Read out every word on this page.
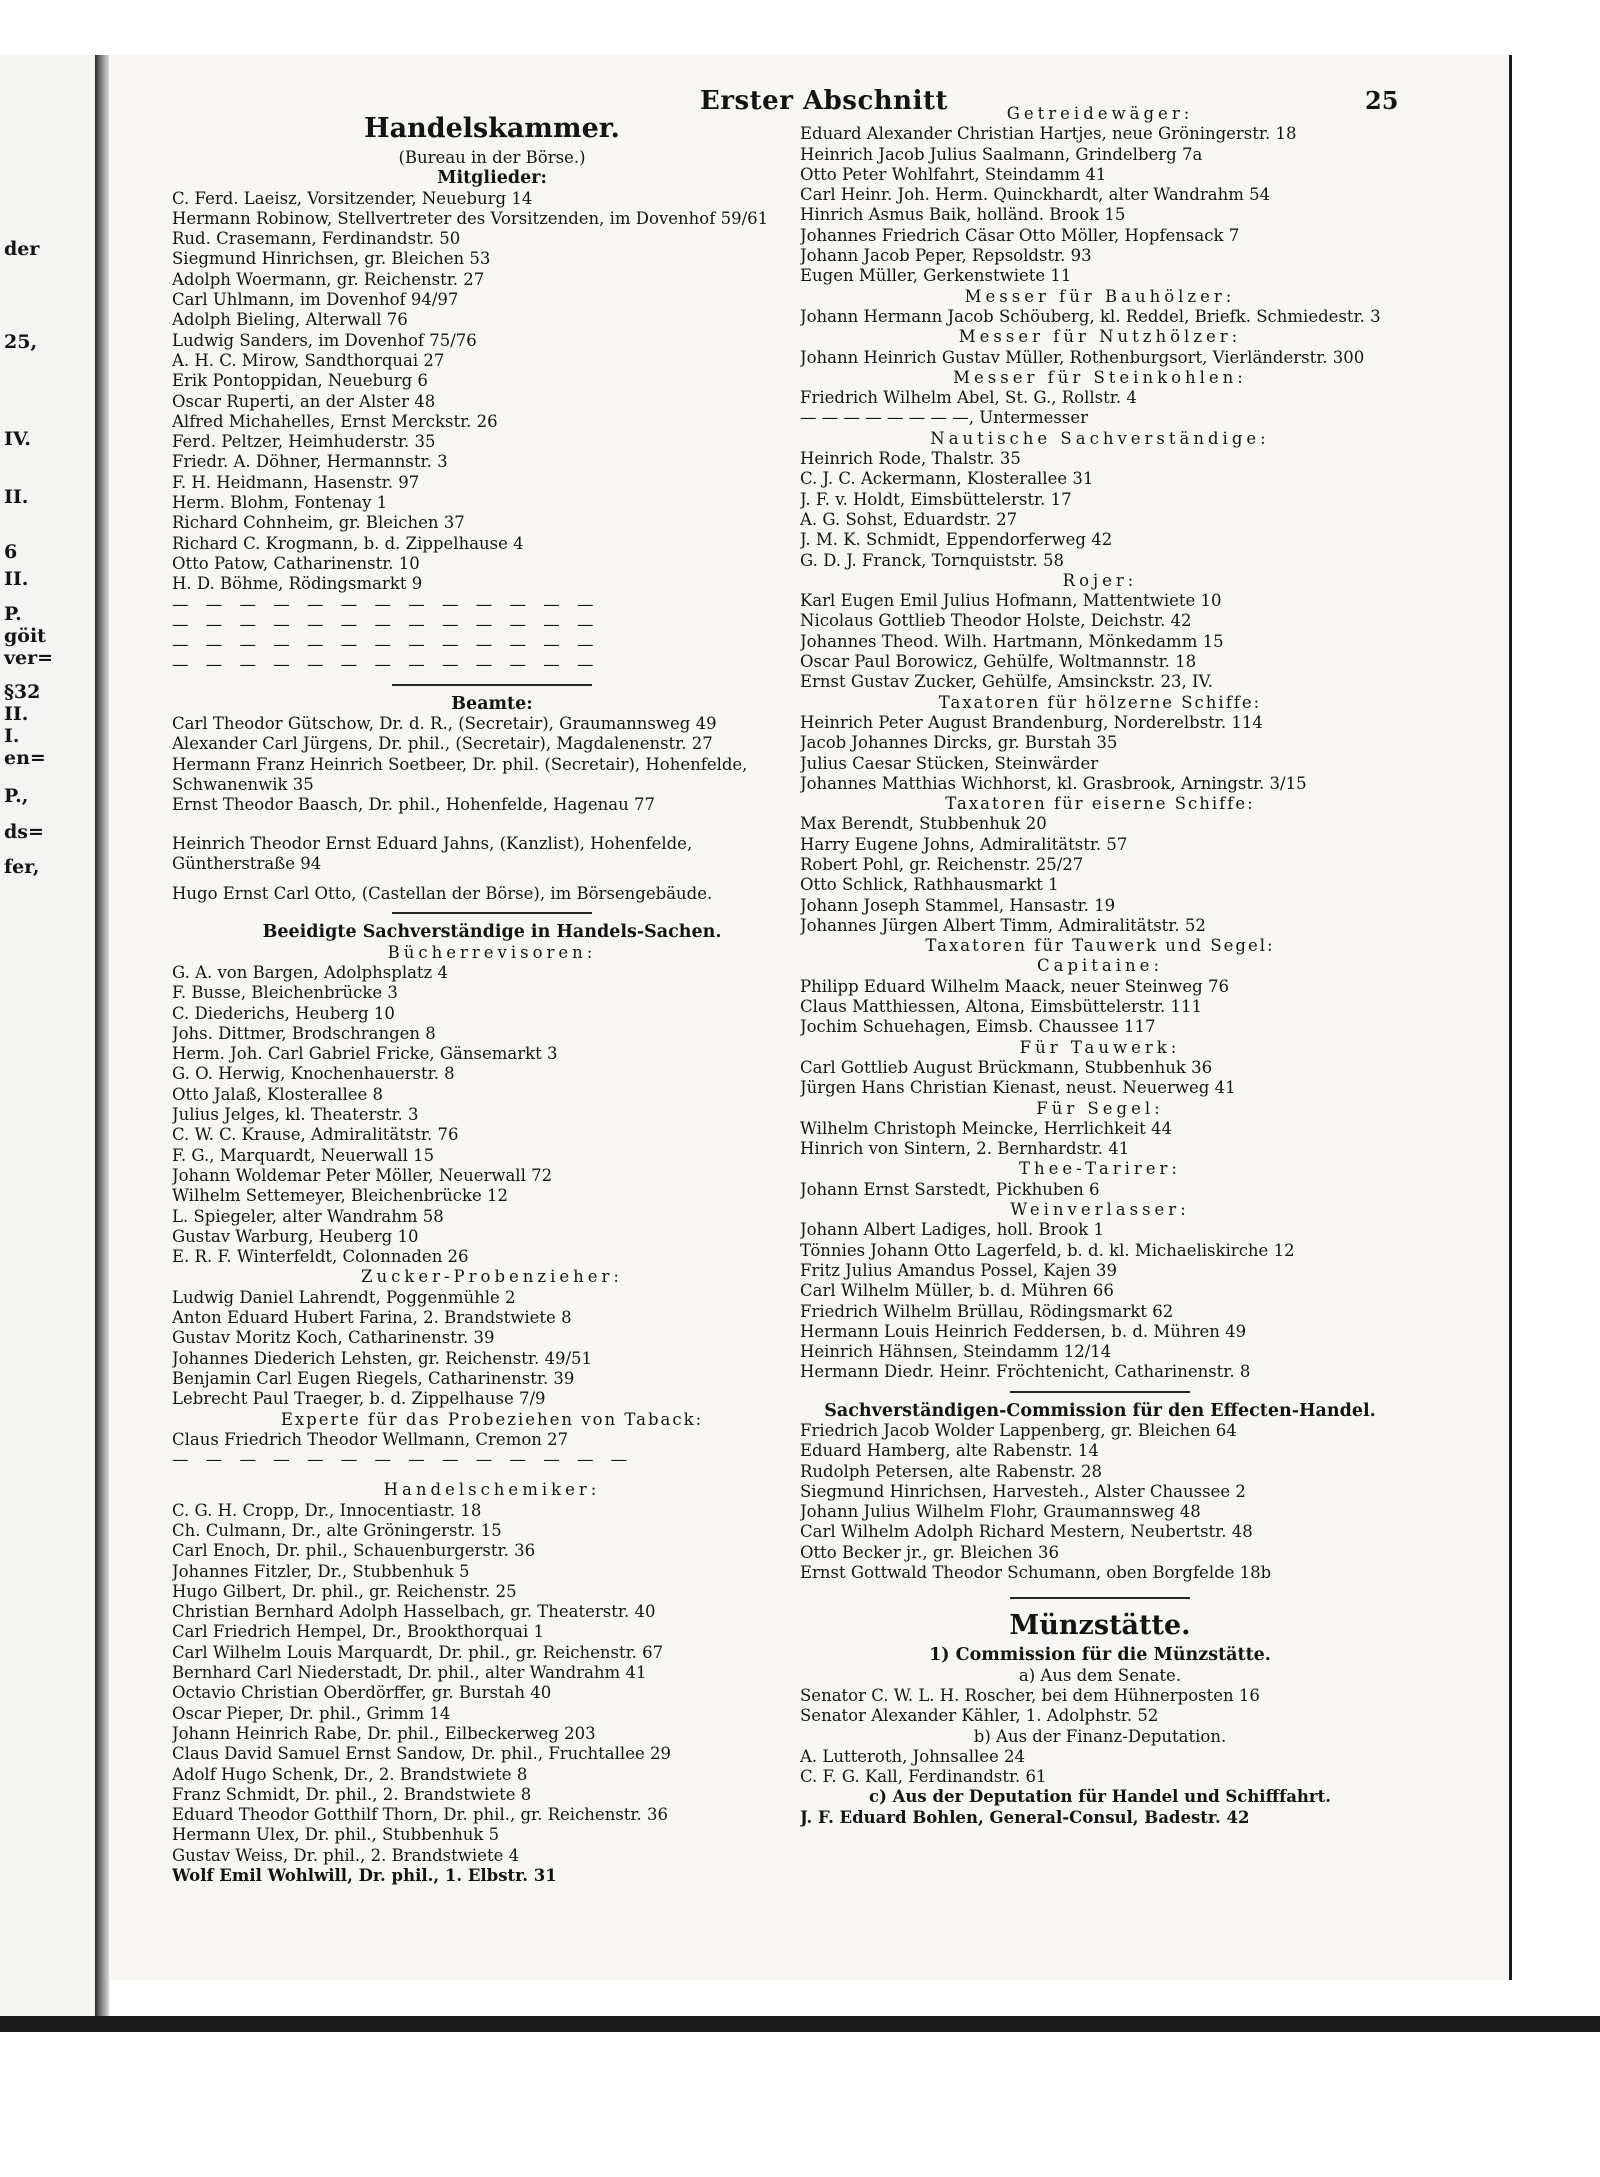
der
25,
IV.
II.
6
II.
P.
göit
ver=
§32
II.
I.
en=
P.,
ds=
fer,
Erster Abschnitt	25
Handelskammer.
(Bureau in der Börse.)
Mitglieder:
C. Ferd. Laeisz, Vorsitzender, Neueburg 14
Hermann Robinow, Stellvertreter des Vorsitzenden, im Dovenhof 59/61
Rud. Crasemann, Ferdinandstr. 50
Siegmund Hinrichsen, gr. Bleichen 53
Adolph Woermann, gr. Reichenstr. 27
Carl Uhlmann, im Dovenhof 94/97
Adolph Bieling, Alterwall 76
Ludwig Sanders, im Dovenhof 75/76
A. H. C. Mirow, Sandthorquai 27
Erik Pontoppidan, Neueburg 6
Oscar Ruperti, an der Alster 48
Alfred Michahelles, Ernst Merckstr. 26
Ferd. Peltzer, Heimhuderstr. 35
Friedr. A. Döhner, Hermannstr. 3
F. H. Heidmann, Hasenstr. 97
Herm. Blohm, Fontenay 1
Richard Cohnheim, gr. Bleichen 37
Richard C. Krogmann, b. d. Zippelhause 4
Otto Patow, Catharinenstr. 10
H. D. Böhme, Rödingsmarkt 9
— — — — — — — — — — — — —
— — — — — — — — — — — — —
— — — — — — — — — — — — —
— — — — — — — — — — — — —
Beamte:
Carl Theodor Gütschow, Dr. d. R., (Secretair), Graumannsweg 49
Alexander Carl Jürgens, Dr. phil., (Secretair), Magdalenenstr. 27
Hermann Franz Heinrich Soetbeer, Dr. phil. (Secretair), Hohenfelde, Schwanenwik 35
Ernst Theodor Baasch, Dr. phil., Hohenfelde, Hagenau 77
Heinrich Theodor Ernst Eduard Jahns, (Kanzlist), Hohenfelde, Güntherstraße 94
Hugo Ernst Carl Otto, (Castellan der Börse), im Börsengebäude.
Beeidigte Sachverständige in Handels-Sachen.
Bücherrevisoren:
G. A. von Bargen, Adolphsplatz 4
F. Busse, Bleichenbrücke 3
C. Diederichs, Heuberg 10
Johs. Dittmer, Brodschrangen 8
Herm. Joh. Carl Gabriel Fricke, Gänsemarkt 3
G. O. Herwig, Knochenhauerstr. 8
Otto Jalaß, Klosterallee 8
Julius Jelges, kl. Theaterstr. 3
C. W. C. Krause, Admiralitätstr. 76
F. G., Marquardt, Neuerwall 15
Johann Woldemar Peter Möller, Neuerwall 72
Wilhelm Settemeyer, Bleichenbrücke 12
L. Spiegeler, alter Wandrahm 58
Gustav Warburg, Heuberg 10
E. R. F. Winterfeldt, Colonnaden 26
Zucker-Probenzieher:
Ludwig Daniel Lahrendt, Poggenmühle 2
Anton Eduard Hubert Farina, 2. Brandstwiete 8
Gustav Moritz Koch, Catharinenstr. 39
Johannes Diederich Lehsten, gr. Reichenstr. 49/51
Benjamin Carl Eugen Riegels, Catharinenstr. 39
Lebrecht Paul Traeger, b. d. Zippelhause 7/9
Experte für das Probeziehen von Taback:
Claus Friedrich Theodor Wellmann, Cremon 27
— — — — — — — — — — — — — —
Handelschemiker:
C. G. H. Cropp, Dr., Innocentiastr. 18
Ch. Culmann, Dr., alte Gröningerstr. 15
Carl Enoch, Dr. phil., Schauenburgerstr. 36
Johannes Fitzler, Dr., Stubbenhuk 5
Hugo Gilbert, Dr. phil., gr. Reichenstr. 25
Christian Bernhard Adolph Hasselbach, gr. Theaterstr. 40
Carl Friedrich Hempel, Dr., Brookthorquai 1
Carl Wilhelm Louis Marquardt, Dr. phil., gr. Reichenstr. 67
Bernhard Carl Niederstadt, Dr. phil., alter Wandrahm 41
Octavio Christian Oberdörffer, gr. Burstah 40
Oscar Pieper, Dr. phil., Grimm 14
Johann Heinrich Rabe, Dr. phil., Eilbeckerweg 203
Claus David Samuel Ernst Sandow, Dr. phil., Fruchtallee 29
Adolf Hugo Schenk, Dr., 2. Brandstwiete 8
Franz Schmidt, Dr. phil., 2. Brandstwiete 8
Eduard Theodor Gotthilf Thorn, Dr. phil., gr. Reichenstr. 36
Hermann Ulex, Dr. phil., Stubbenhuk 5
Gustav Weiss, Dr. phil., 2. Brandstwiete 4
Wolf Emil Wohlwill, Dr. phil., 1. Elbstr. 31
Getreidewäger:
Eduard Alexander Christian Hartjes, neue Gröningerstr. 18
Heinrich Jacob Julius Saalmann, Grindelberg 7a
Otto Peter Wohlfahrt, Steindamm 41
Carl Heinr. Joh. Herm. Quinckhardt, alter Wandrahm 54
Hinrich Asmus Baik, holländ. Brook 15
Johannes Friedrich Cäsar Otto Möller, Hopfensack 7
Johann Jacob Peper, Repsoldstr. 93
Eugen Müller, Gerkenstwiete 11
Messer für Bauhölzer:
Johann Hermann Jacob Schöuberg, kl. Reddel, Briefk. Schmiedestr. 3
Messer für Nutzhölzer:
Johann Heinrich Gustav Müller, Rothenburgsort, Vierländerstr. 300
Messer für Steinkohlen:
Friedrich Wilhelm Abel, St. G., Rollstr. 4
— — — — — — — —, Untermesser
Nautische Sachverständige:
Heinrich Rode, Thalstr. 35
C. J. C. Ackermann, Klosterallee 31
J. F. v. Holdt, Eimsbüttelerstr. 17
A. G. Sohst, Eduardstr. 27
J. M. K. Schmidt, Eppendorferweg 42
G. D. J. Franck, Tornquiststr. 58
Rojer:
Karl Eugen Emil Julius Hofmann, Mattentwiete 10
Nicolaus Gottlieb Theodor Holste, Deichstr. 42
Johannes Theod. Wilh. Hartmann, Mönkedamm 15
Oscar Paul Borowicz, Gehülfe, Woltmannstr. 18
Ernst Gustav Zucker, Gehülfe, Amsinckstr. 23, IV.
Taxatoren für hölzerne Schiffe:
Heinrich Peter August Brandenburg, Norderelbstr. 114
Jacob Johannes Dircks, gr. Burstah 35
Julius Caesar Stücken, Steinwärder
Johannes Matthias Wichhorst, kl. Grasbrook, Arningstr. 3/15
Taxatoren für eiserne Schiffe:
Max Berendt, Stubbenhuk 20
Harry Eugene Johns, Admiralitätstr. 57
Robert Pohl, gr. Reichenstr. 25/27
Otto Schlick, Rathhausmarkt 1
Johann Joseph Stammel, Hansastr. 19
Johannes Jürgen Albert Timm, Admiralitätstr. 52
Taxatoren für Tauwerk und Segel:
Capitaine:
Philipp Eduard Wilhelm Maack, neuer Steinweg 76
Claus Matthiessen, Altona, Eimsbüttelerstr. 111
Jochim Schuehagen, Eimsb. Chaussee 117
Für Tauwerk:
Carl Gottlieb August Brückmann, Stubbenhuk 36
Jürgen Hans Christian Kienast, neust. Neuerweg 41
Für Segel:
Wilhelm Christoph Meincke, Herrlichkeit 44
Hinrich von Sintern, 2. Bernhardstr. 41
Thee-Tarirer:
Johann Ernst Sarstedt, Pickhuben 6
Weinverlasser:
Johann Albert Ladiges, holl. Brook 1
Tönnies Johann Otto Lagerfeld, b. d. kl. Michaeliskirche 12
Fritz Julius Amandus Possel, Kajen 39
Carl Wilhelm Müller, b. d. Mühren 66
Friedrich Wilhelm Brüllau, Rödingsmarkt 62
Hermann Louis Heinrich Feddersen, b. d. Mühren 49
Heinrich Hähnsen, Steindamm 12/14
Hermann Diedr. Heinr. Fröchtenicht, Catharinenstr. 8
Sachverständigen-Commission für den Effecten-Handel.
Friedrich Jacob Wolder Lappenberg, gr. Bleichen 64
Eduard Hamberg, alte Rabenstr. 14
Rudolph Petersen, alte Rabenstr. 28
Siegmund Hinrichsen, Harvesteh., Alster Chaussee 2
Johann Julius Wilhelm Flohr, Graumannsweg 48
Carl Wilhelm Adolph Richard Mestern, Neubertstr. 48
Otto Becker jr., gr. Bleichen 36
Ernst Gottwald Theodor Schumann, oben Borgfelde 18b
Münzstätte.
1) Commission für die Münzstätte.
a) Aus dem Senate.
Senator C. W. L. H. Roscher, bei dem Hühnerposten 16
Senator Alexander Kähler, 1. Adolphstr. 52
b) Aus der Finanz-Deputation.
A. Lutteroth, Johnsallee 24
C. F. G. Kall, Ferdinandstr. 61
c) Aus der Deputation für Handel und Schifffahrt.
J. F. Eduard Bohlen, General-Consul, Badestr. 42
